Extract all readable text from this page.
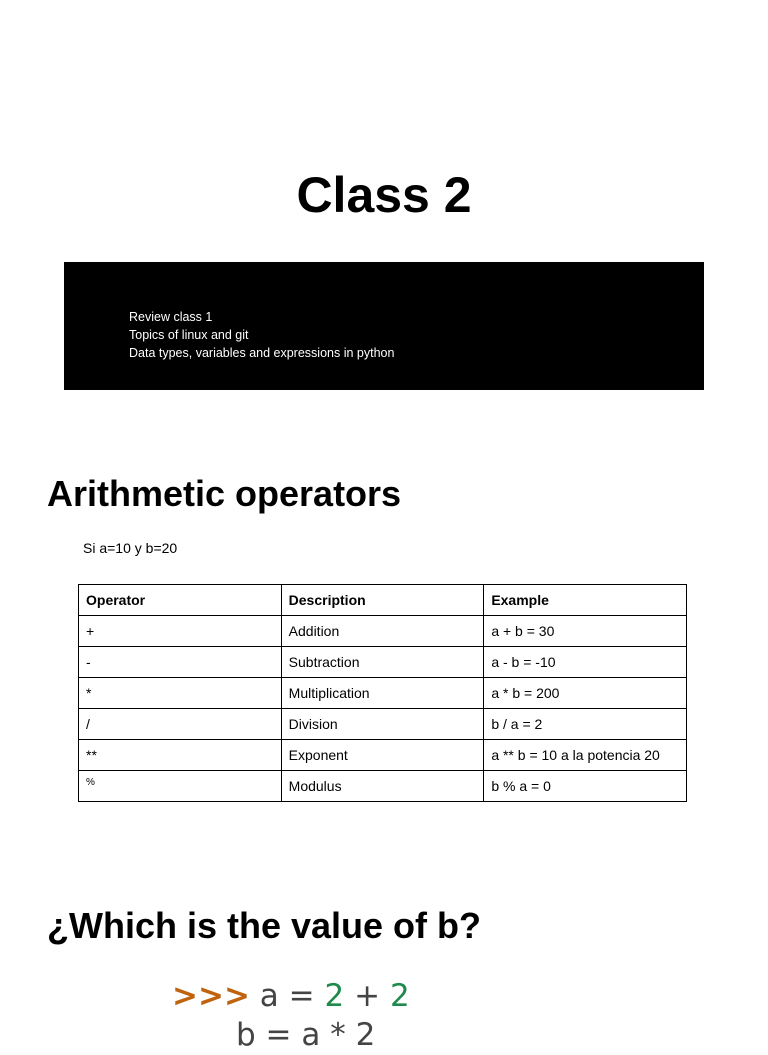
Class 2

Review class 1

Topics of linux and git

Data types, variables and expressions in python

Arithmetic operators
Si a=10 y b=20
Operator	Description	Example
+	Addition	a + b = 30
-	Subtraction	a - b = -10
*	Multiplication	a * b = 200
/	Division	b / a = 2
**	Exponent	a ** b = 10 a la potencia 20
%	Modulus	b % a = 0
¿Which is the value of b?
>>> a = 2 + 2
b = a * 2
